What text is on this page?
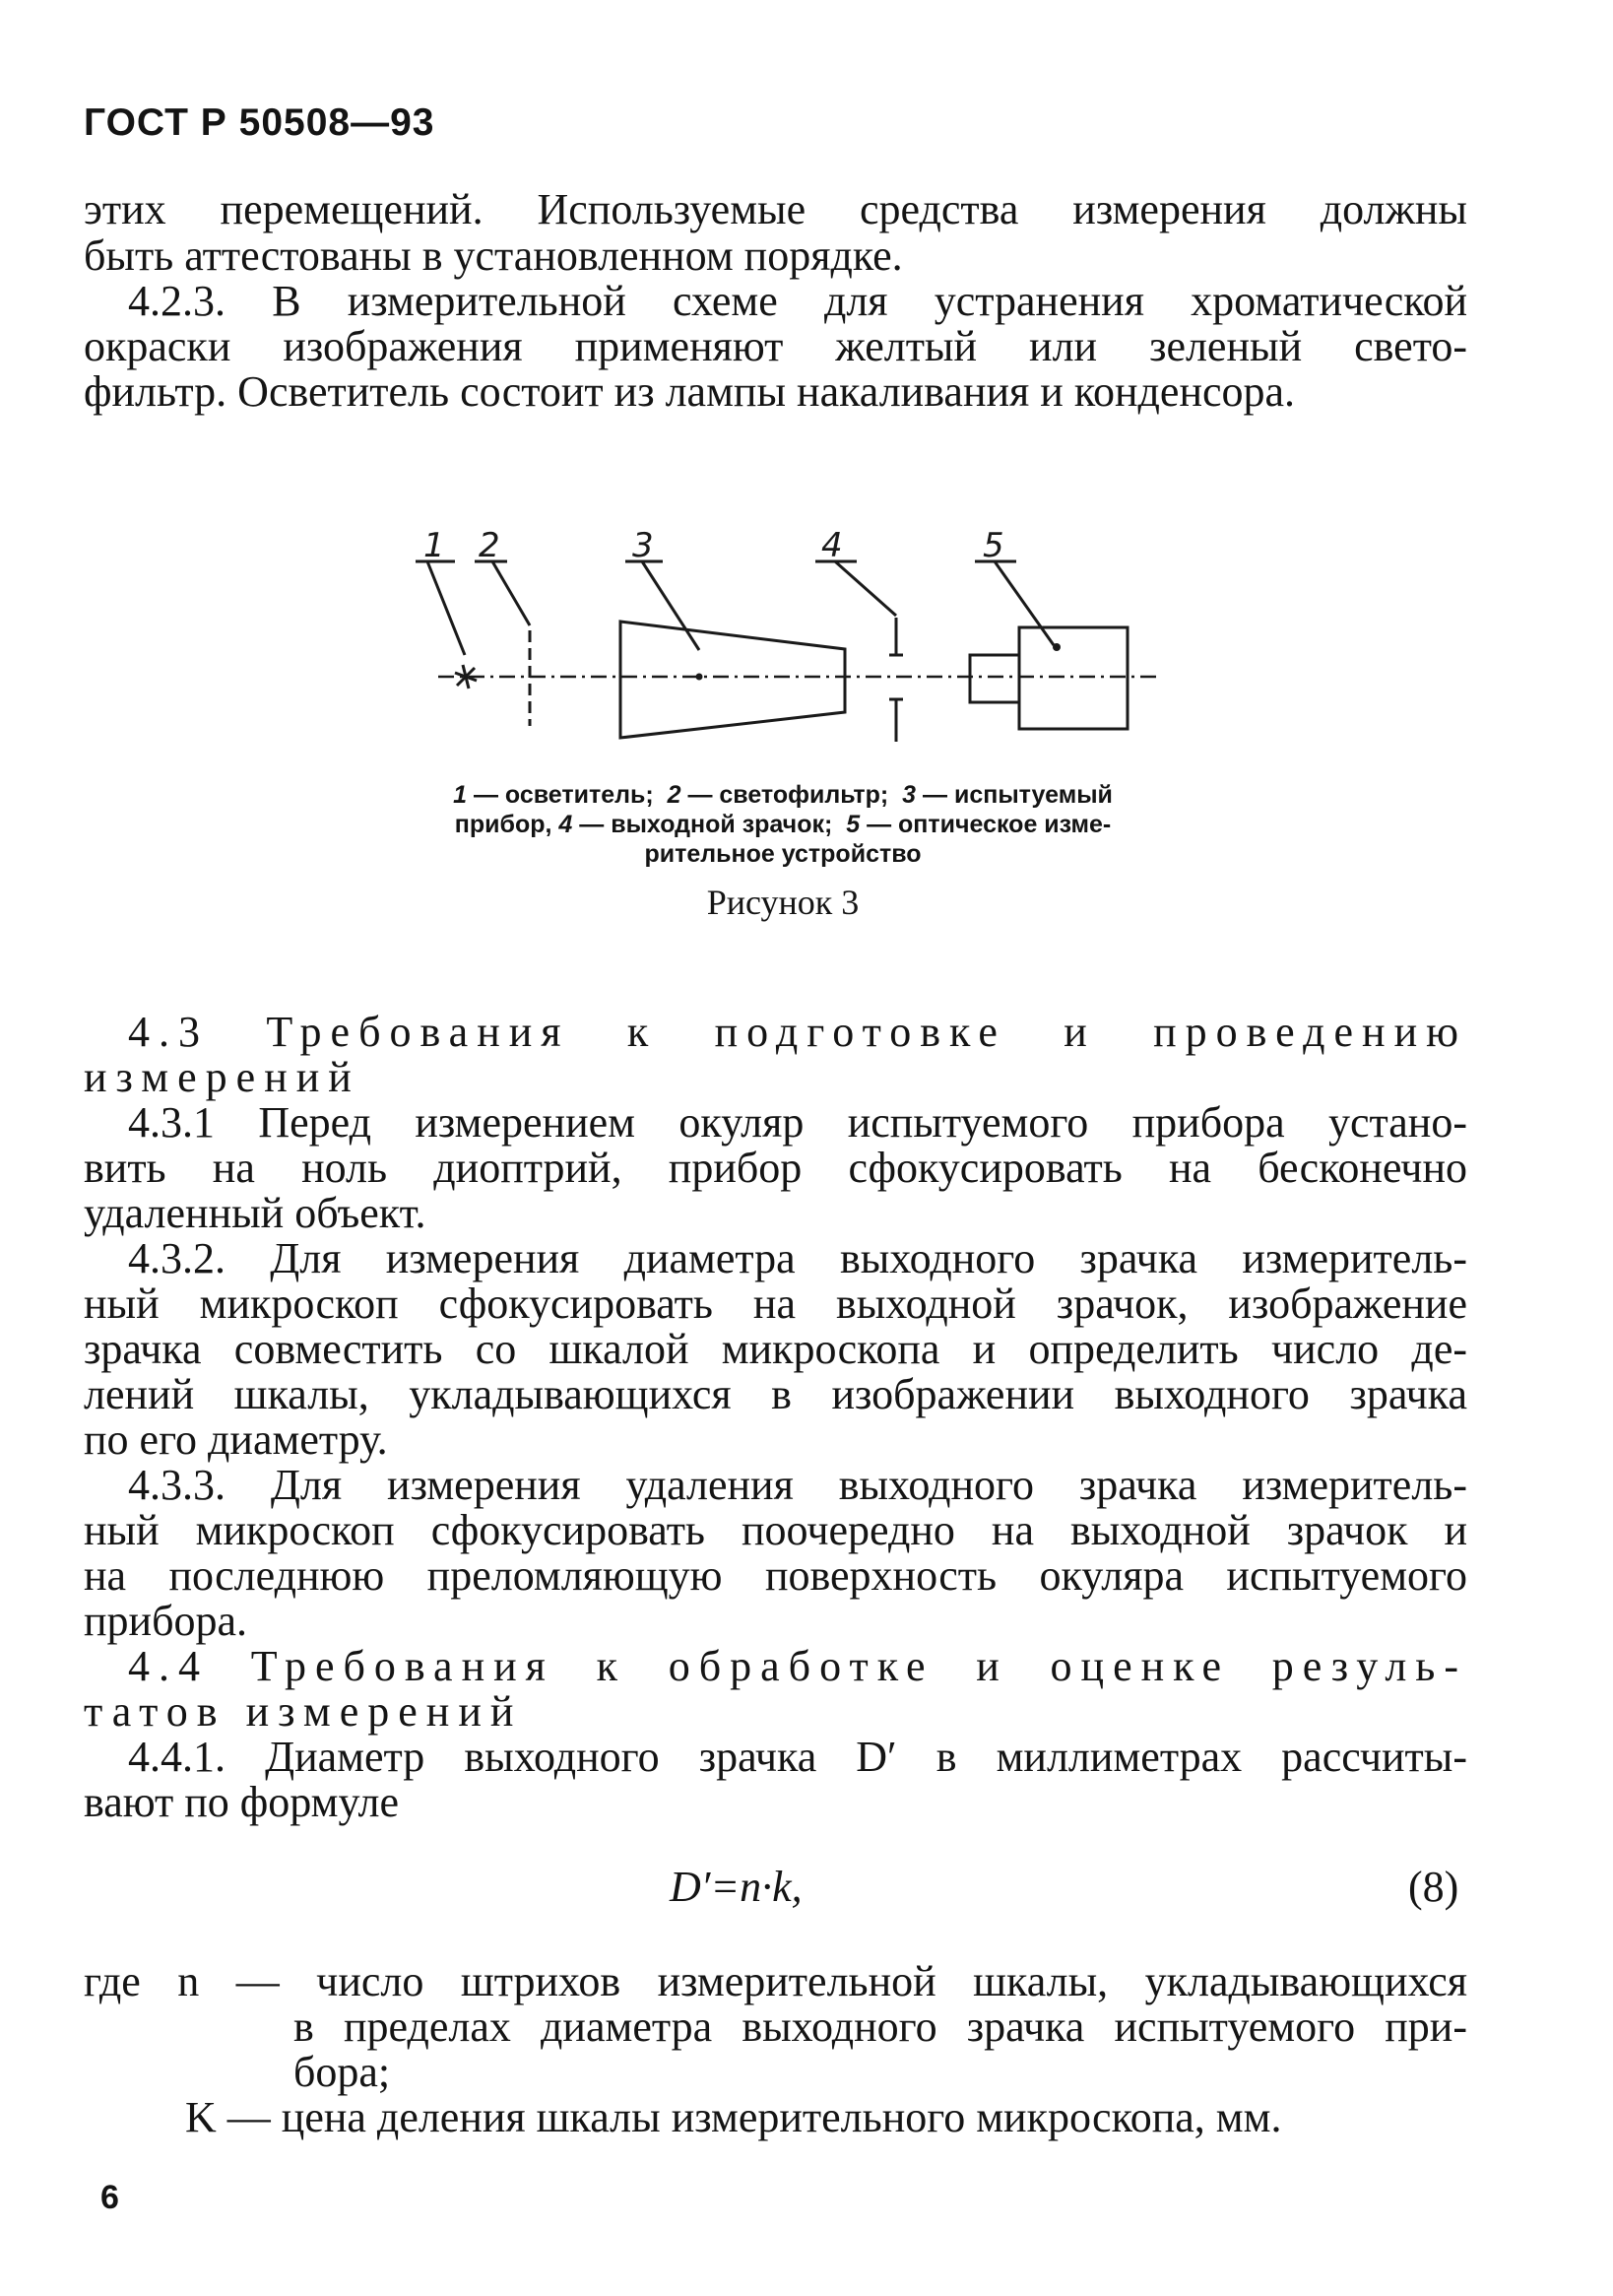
ГОСТ Р 50508—93
этих перемещений. Используемые средства измерения должны
быть аттестованы в установленном порядке.
4.2.3. В измерительной схеме для устранения хроматической
окраски изображения применяют желтый или зеленый свето-
фильтр. Осветитель состоит из лампы накаливания и конденсора.
1 2	3	4	5
1 — осветитель; 2 — светофильтр; 3 — испытуемый
прибор, 4 — выходной зрачок; 5 — оптическое изме-
рительное устройство
Рисунок 3
4.3 Требования к подготовке и проведению
измерений
4.3.1 Перед измерением окуляр испытуемого прибора устано-
вить на ноль диоптрий, прибор сфокусировать на бесконечно
удаленный объект.
4.3.2. Для измерения диаметра выходного зрачка измеритель-
ный микроскоп сфокусировать на выходной зрачок, изображение
зрачка совместить со шкалой микроскопа и определить число де-
лений шкалы, укладывающихся в изображении выходного зрачка
по его диаметру.
4.3.3. Для измерения удаления выходного зрачка измеритель-
ный микроскоп сфокусировать поочередно на выходной зрачок и
на последнюю преломляющую поверхность окуляра испытуемого
прибора.
4.4 Требования к обработке и оценке резуль-
татов измерений
4.4.1. Диаметр выходного зрачка D′ в миллиметрах рассчиты-
вают по формуле
D′=n·k,	(8)
где n — число штрихов измерительной шкалы, укладывающихся
в пределах диаметра выходного зрачка испытуемого при-
бора;
K — цена деления шкалы измерительного микроскопа, мм.
6
